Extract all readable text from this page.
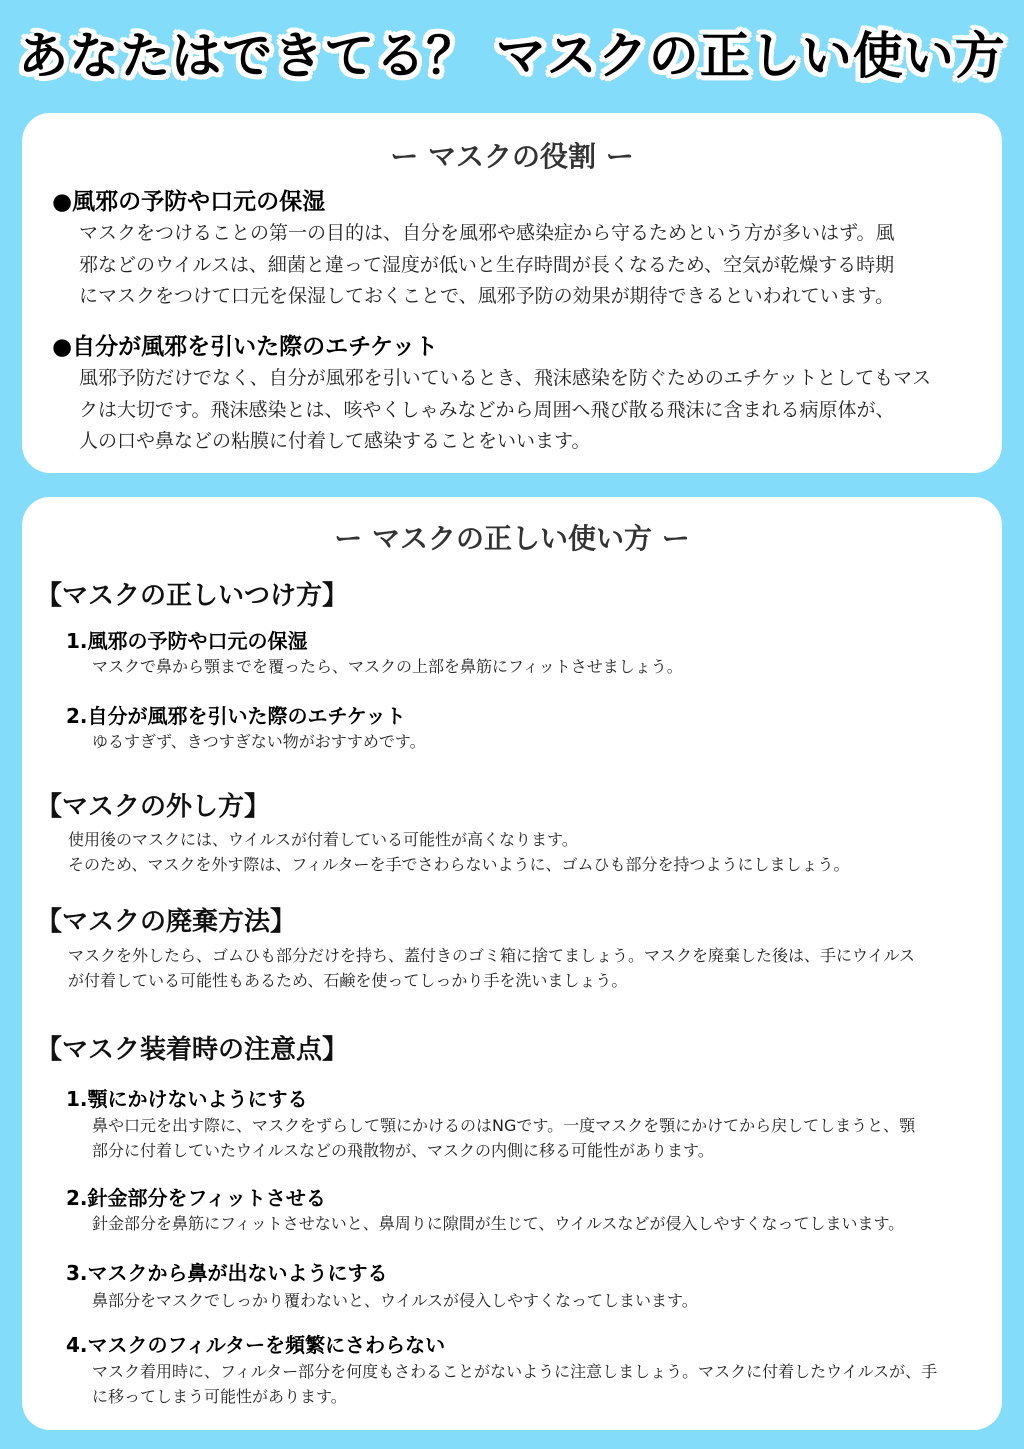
あなたはできてる？ マスクの正しい使い方
ー マスクの役割 ー
●風邪の予防や口元の保湿
マスクをつけることの第一の目的は、自分を風邪や感染症から守るためという方が多いはず。風
邪などのウイルスは、細菌と違って湿度が低いと生存時間が長くなるため、空気が乾燥する時期
にマスクをつけて口元を保湿しておくことで、風邪予防の効果が期待できるといわれています。
●自分が風邪を引いた際のエチケット
風邪予防だけでなく、自分が風邪を引いているとき、飛沫感染を防ぐためのエチケットとしてもマス
クは大切です。飛沫感染とは、咳やくしゃみなどから周囲へ飛び散る飛沫に含まれる病原体が、
人の口や鼻などの粘膜に付着して感染することをいいます。
ー マスクの正しい使い方 ー
【マスクの正しいつけ方】
1.風邪の予防や口元の保湿
マスクで鼻から顎までを覆ったら、マスクの上部を鼻筋にフィットさせましょう。
2.自分が風邪を引いた際のエチケット
ゆるすぎず、きつすぎない物がおすすめです。
【マスクの外し方】
使用後のマスクには、ウイルスが付着している可能性が高くなります。
そのため、マスクを外す際は、フィルターを手でさわらないように、ゴムひも部分を持つようにしましょう。
【マスクの廃棄方法】
マスクを外したら、ゴムひも部分だけを持ち、蓋付きのゴミ箱に捨てましょう。マスクを廃棄した後は、手にウイルス
が付着している可能性もあるため、石鹸を使ってしっかり手を洗いましょう。
【マスク装着時の注意点】
1.顎にかけないようにする
鼻や口元を出す際に、マスクをずらして顎にかけるのはNGです。一度マスクを顎にかけてから戻してしまうと、顎
部分に付着していたウイルスなどの飛散物が、マスクの内側に移る可能性があります。
2.針金部分をフィットさせる
針金部分を鼻筋にフィットさせないと、鼻周りに隙間が生じて、ウイルスなどが侵入しやすくなってしまいます。
3.マスクから鼻が出ないようにする
鼻部分をマスクでしっかり覆わないと、ウイルスが侵入しやすくなってしまいます。
4.マスクのフィルターを頻繁にさわらない
マスク着用時に、フィルター部分を何度もさわることがないように注意しましょう。マスクに付着したウイルスが、手
に移ってしまう可能性があります。
